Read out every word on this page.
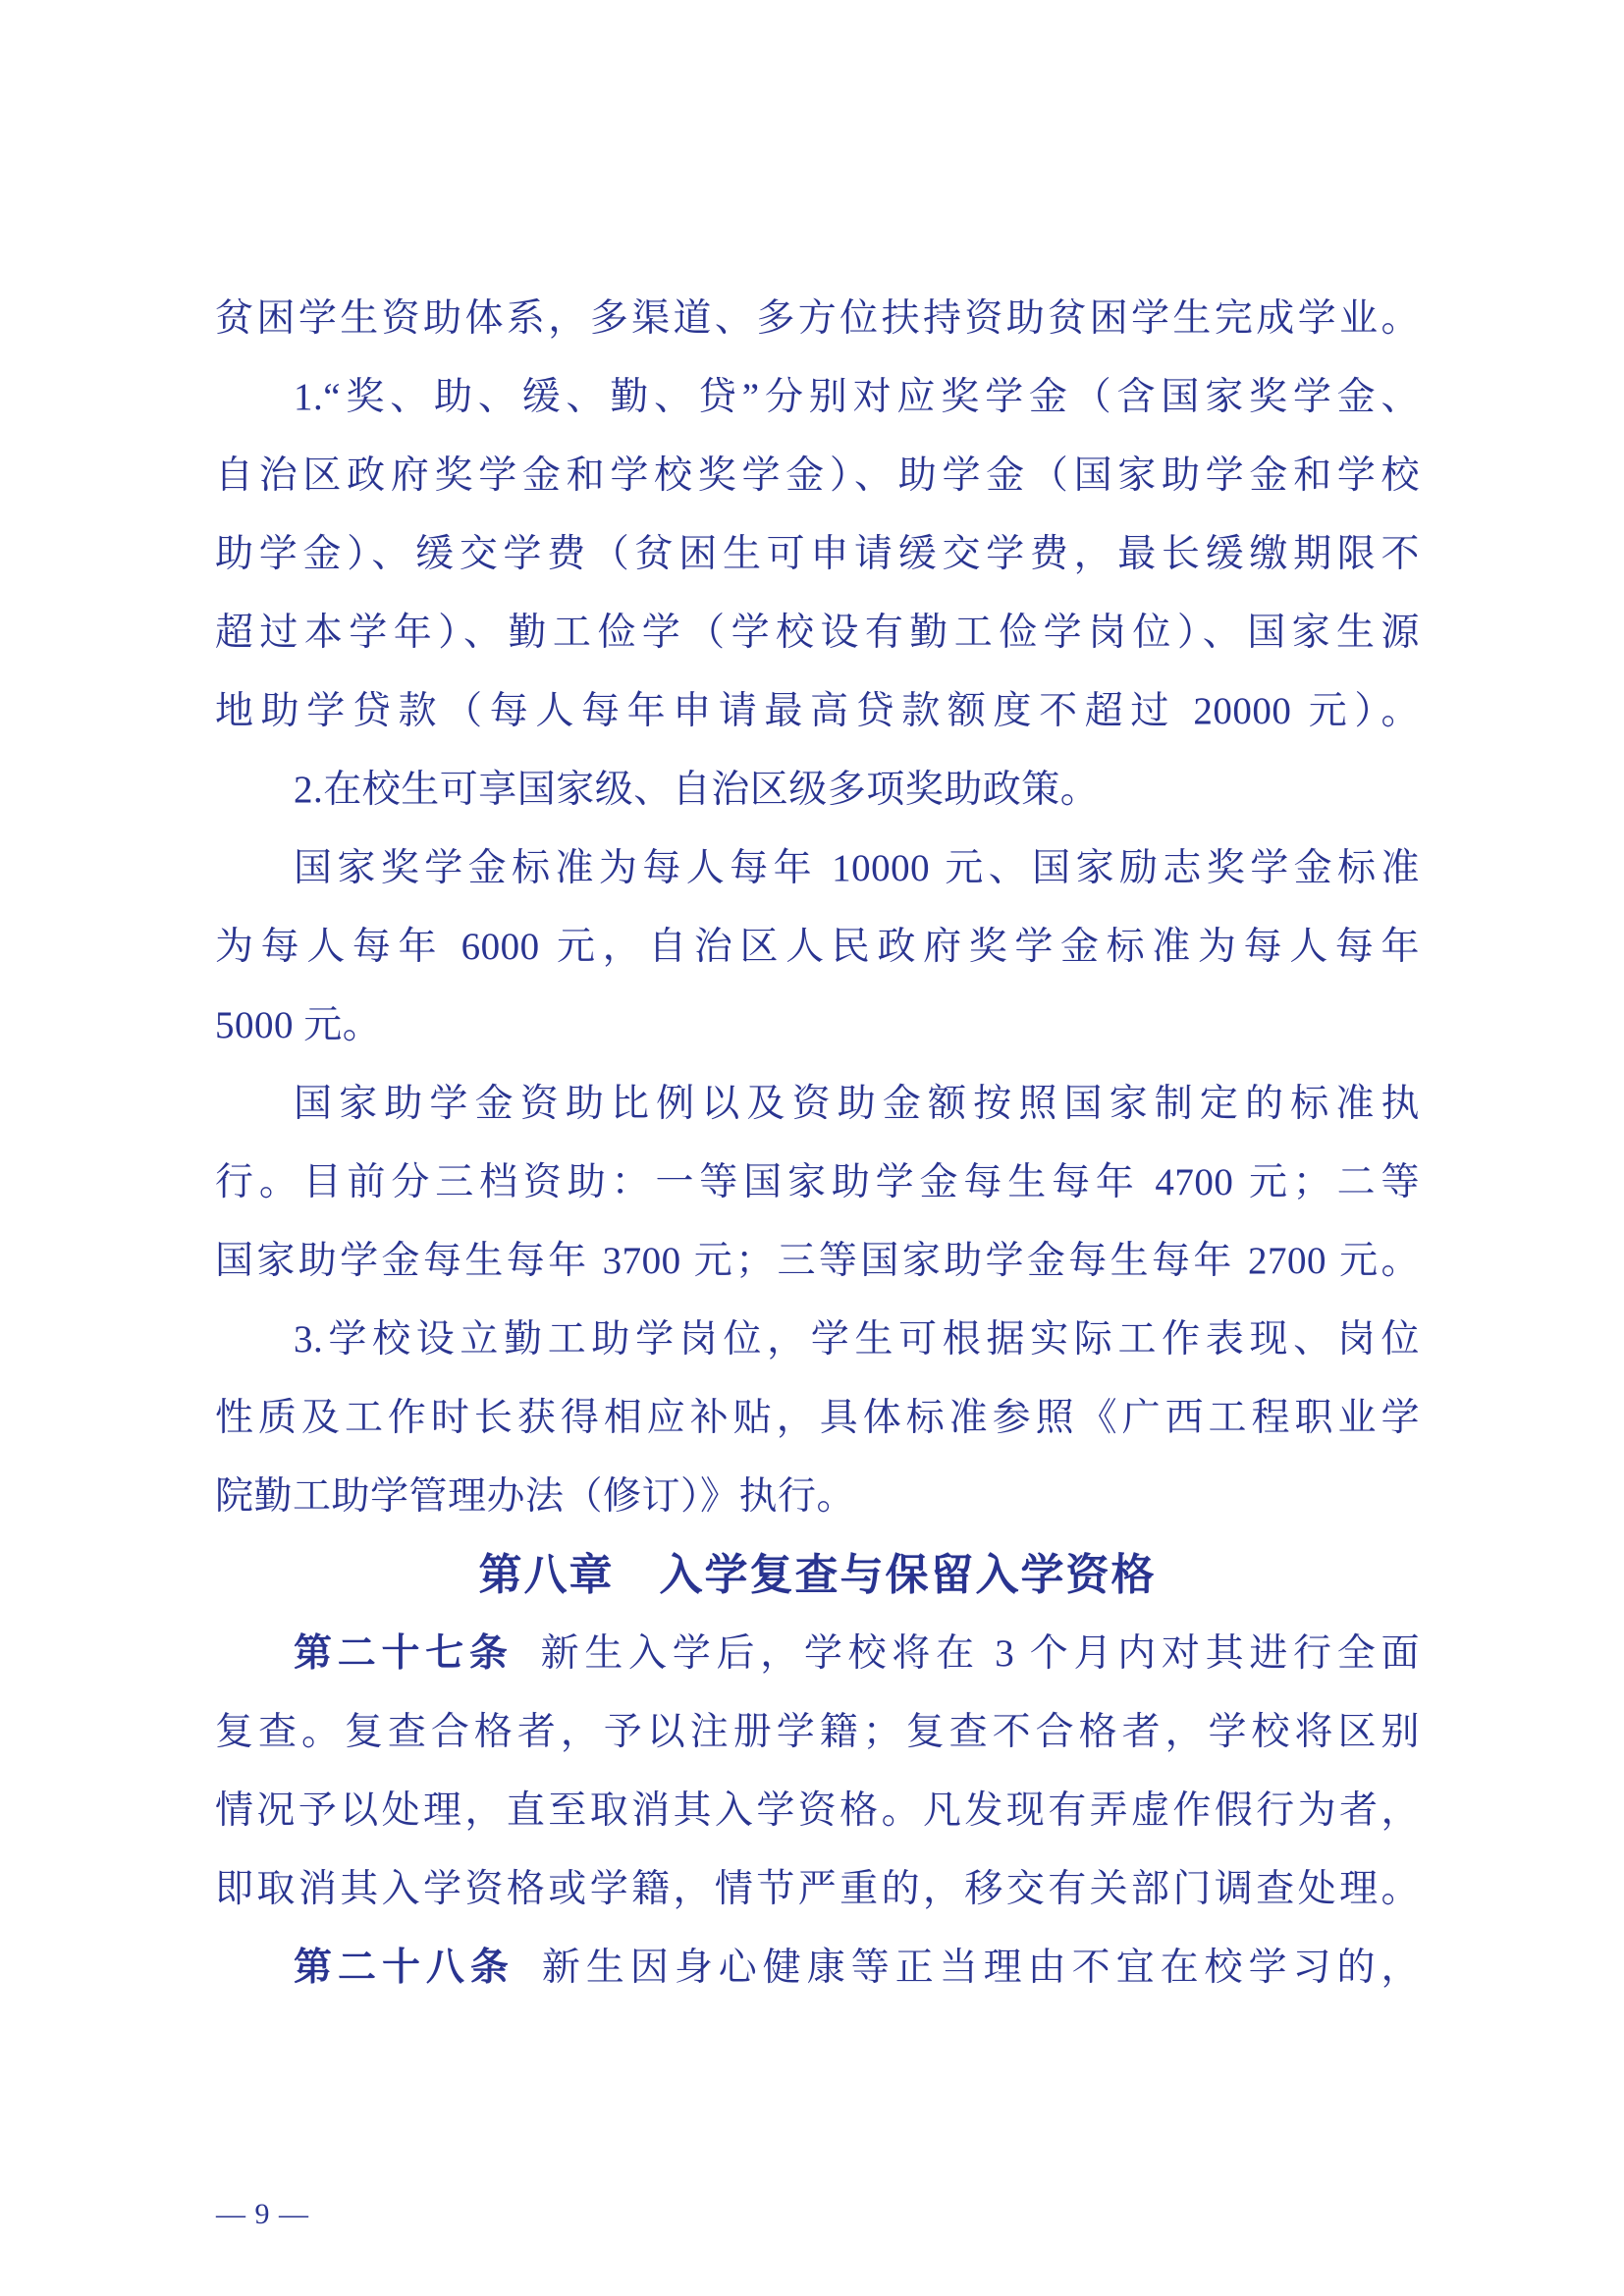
贫困学生资助体系，多渠道、多方位扶持资助贫困学生完成学业。
1.“奖、助、缓、勤、贷”分别对应奖学金（含国家奖学金、
自治区政府奖学金和学校奖学金）、助学金（国家助学金和学校
助学金）、缓交学费（贫困生可申请缓交学费，最长缓缴期限不
超过本学年）、勤工俭学（学校设有勤工俭学岗位）、国家生源
地助学贷款（每人每年申请最高贷款额度不超过 20000 元）。
2.在校生可享国家级、自治区级多项奖助政策。
国家奖学金标准为每人每年 10000 元、国家励志奖学金标准
为每人每年 6000 元，自治区人民政府奖学金标准为每人每年
5000 元。
国家助学金资助比例以及资助金额按照国家制定的标准执
行。目前分三档资助：一等国家助学金每生每年 4700 元；二等
国家助学金每生每年 3700 元；三等国家助学金每生每年 2700 元。
3.学校设立勤工助学岗位，学生可根据实际工作表现、岗位
性质及工作时长获得相应补贴，具体标准参照《广西工程职业学
院勤工助学管理办法（修订）》执行。
第八章　入学复查与保留入学资格
第二十七条 新生入学后，学校将在 3 个月内对其进行全面
复查。复查合格者，予以注册学籍；复查不合格者，学校将区别
情况予以处理，直至取消其入学资格。凡发现有弄虚作假行为者，
即取消其入学资格或学籍，情节严重的，移交有关部门调查处理。
第二十八条 新生因身心健康等正当理由不宜在校学习的，
— 9 —
